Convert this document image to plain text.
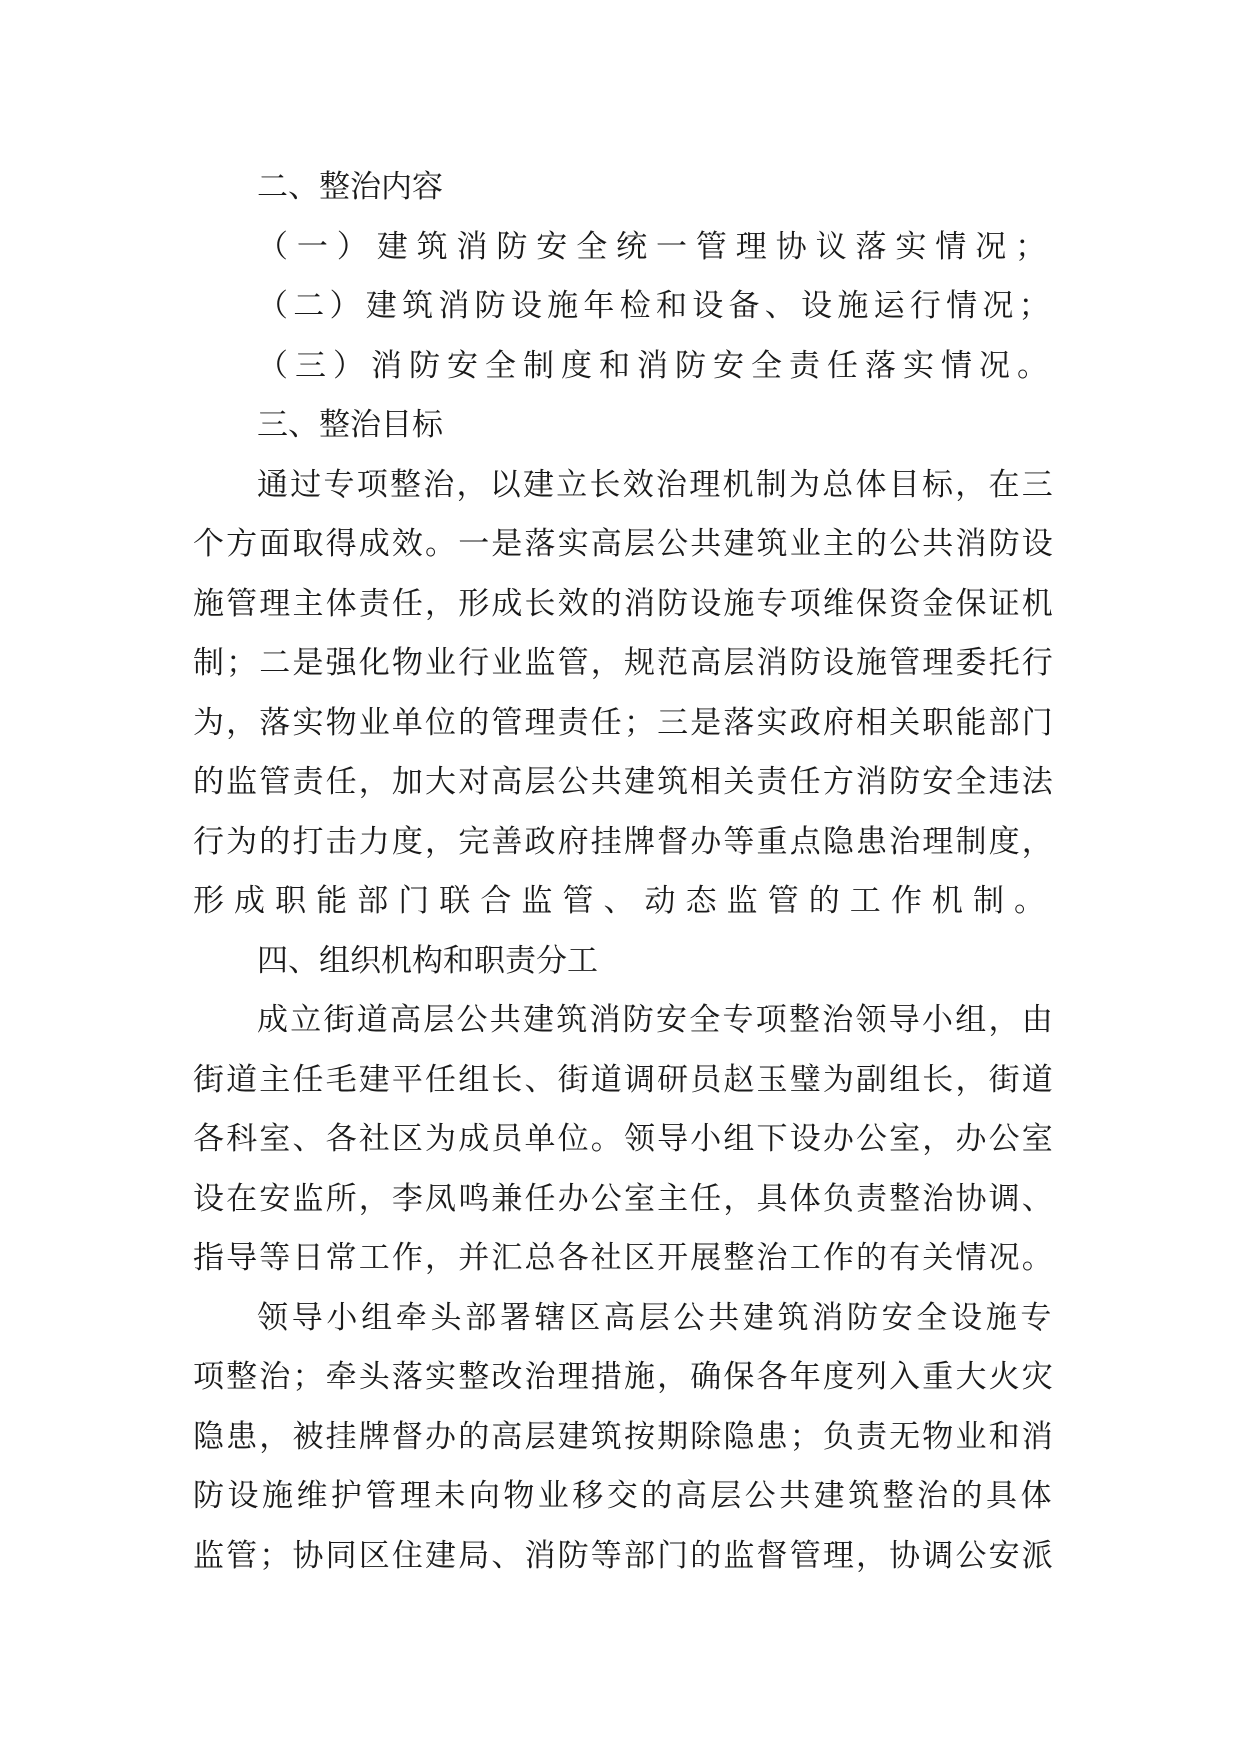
二、整治内容
（一）建筑消防安全统一管理协议落实情况；
（二）建筑消防设施年检和设备、设施运行情况；
（三）消防安全制度和消防安全责任落实情况。
三、整治目标
通过专项整治，以建立长效治理机制为总体目标，在三
个方面取得成效。一是落实高层公共建筑业主的公共消防设
施管理主体责任，形成长效的消防设施专项维保资金保证机
制；二是强化物业行业监管，规范高层消防设施管理委托行
为，落实物业单位的管理责任；三是落实政府相关职能部门
的监管责任，加大对高层公共建筑相关责任方消防安全违法
行为的打击力度，完善政府挂牌督办等重点隐患治理制度，
形成职能部门联合监管、动态监管的工作机制。
四、组织机构和职责分工
成立街道高层公共建筑消防安全专项整治领导小组，由
街道主任毛建平任组长、街道调研员赵玉璧为副组长，街道
各科室、各社区为成员单位。领导小组下设办公室，办公室
设在安监所，李凤鸣兼任办公室主任，具体负责整治协调、
指导等日常工作，并汇总各社区开展整治工作的有关情况。
领导小组牵头部署辖区高层公共建筑消防安全设施专
项整治；牵头落实整改治理措施，确保各年度列入重大火灾
隐患，被挂牌督办的高层建筑按期除隐患；负责无物业和消
防设施维护管理未向物业移交的高层公共建筑整治的具体
监管；协同区住建局、消防等部门的监督管理，协调公安派
